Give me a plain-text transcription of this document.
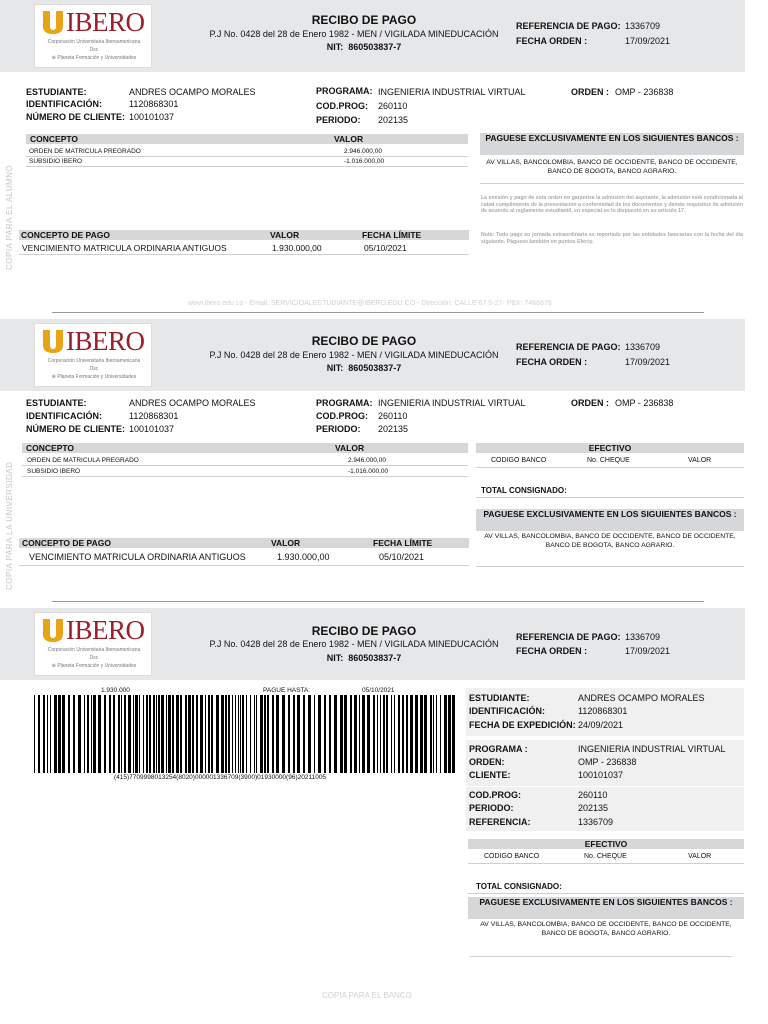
IBERO
Corporación Universitaria Iberoamericana
Dsc
⊕ Planeta Formación y Universidades
RECIBO DE PAGO
P.J No. 0428 del 28 de Enero 1982 - MEN / VIGILADA MINEDUCACIÓN
NIT: 860503837-7
REFERENCIA DE PAGO: 1336709
FECHA ORDEN :	17/09/2021
ESTUDIANTE:	ANDRES OCAMPO MORALES
IDENTIFICACIÓN:	1120868301
NÚMERO DE CLIENTE: 100101037
PROGRAMA: INGENIERIA INDUSTRIAL VIRTUAL
COD.PROG: 260110
PERIODO: 202135
ORDEN : OMP - 236838
CONCEPTO	VALOR
ORDEN DE MATRICULA PREGRADO	2.946.000,00
SUBSIDIO IBERO	-1.016.000,00
PAGUESE EXCLUSIVAMENTE EN LOS SIGUIENTES BANCOS :
AV VILLAS, BANCOLOMBIA, BANCO DE OCCIDENTE, BANCO DE OCCIDENTE, BANCO DE BOGOTA, BANCO AGRARIO.
La emisión y pago de esta orden no garantiza la admisión del aspirante, la admisión está condicionada al cabal cumplimiento de la presentación a conformidad de los documentos y demás requisitos de admisión de acuerdo al reglamento estudiantil, en especial en lo dispuesto en su artículo 17.
Nota: Todo pago en jornada extraordinaria es reportado por las entidades bancarias con la fecha del día siguiente. Páguese también en puntos Efecty.
CONCEPTO DE PAGO	VALOR	FECHA LÍMITE
VENCIMIENTO MATRICULA ORDINARIA ANTIGUOS	1.930.000,00	05/10/2021
COPIA PARA EL ALUMNO
www.ibero.edu.co - Email: SERVICIOALESTUDIANTE@IBERO.EDU.CO - Dirección: CALLE 67 5-27- PBX: 7466876
IBERO
Corporación Universitaria Iberoamericana
Dsc
⊕ Planeta Formación y Universidades
RECIBO DE PAGO
P.J No. 0428 del 28 de Enero 1982 - MEN / VIGILADA MINEDUCACIÓN
NIT: 860503837-7
REFERENCIA DE PAGO: 1336709
FECHA ORDEN :	17/09/2021
ESTUDIANTE:	ANDRES OCAMPO MORALES
IDENTIFICACIÓN:	1120868301
NÚMERO DE CLIENTE: 100101037
PROGRAMA: INGENIERIA INDUSTRIAL VIRTUAL
COD.PROG: 260110
PERIODO: 202135
ORDEN : OMP - 236838
CONCEPTO	VALOR
ORDEN DE MATRICULA PREGRADO	2.946.000,00
SUBSIDIO IBERO	-1.016.000,00
EFECTIVO
CODIGO BANCO	No. CHEQUE	VALOR
TOTAL CONSIGNADO:
PAGUESE EXCLUSIVAMENTE EN LOS SIGUIENTES BANCOS :
AV VILLAS, BANCOLOMBIA, BANCO DE OCCIDENTE, BANCO DE OCCIDENTE, BANCO DE BOGOTA, BANCO AGRARIO.
CONCEPTO DE PAGO	VALOR	FECHA LÍMITE
VENCIMIENTO MATRICULA ORDINARIA ANTIGUOS	1.930.000,00	05/10/2021
COPIA PARA LA UNIVERSIDAD
IBERO
Corporación Universitaria Iberoamericana
Dsc
⊕ Planeta Formación y Universidades
RECIBO DE PAGO
P.J No. 0428 del 28 de Enero 1982 - MEN / VIGILADA MINEDUCACIÓN
NIT: 860503837-7
REFERENCIA DE PAGO: 1336709
FECHA ORDEN :	17/09/2021
1.930.000	PAGUE HASTA:	05/10/2021
(415)7709998013254(8020)000001336709(3900)01930000(96)20211005
ESTUDIANTE:	ANDRES OCAMPO MORALES
IDENTIFICACIÓN:	1120868301
FECHA DE EXPEDICIÓN: 24/09/2021
PROGRAMA :	INGENIERIA INDUSTRIAL VIRTUAL
ORDEN:	OMP - 236838
CLIENTE:	100101037
COD.PROG:	260110
PERIODO:	202135
REFERENCIA:	1336709
EFECTIVO
CODIGO BANCO	No. CHEQUE	VALOR
TOTAL CONSIGNADO:
PAGUESE EXCLUSIVAMENTE EN LOS SIGUIENTES BANCOS :
AV VILLAS, BANCOLOMBIA, BANCO DE OCCIDENTE, BANCO DE OCCIDENTE, BANCO DE BOGOTA, BANCO AGRARIO.
COPIA PARA EL BANCO
